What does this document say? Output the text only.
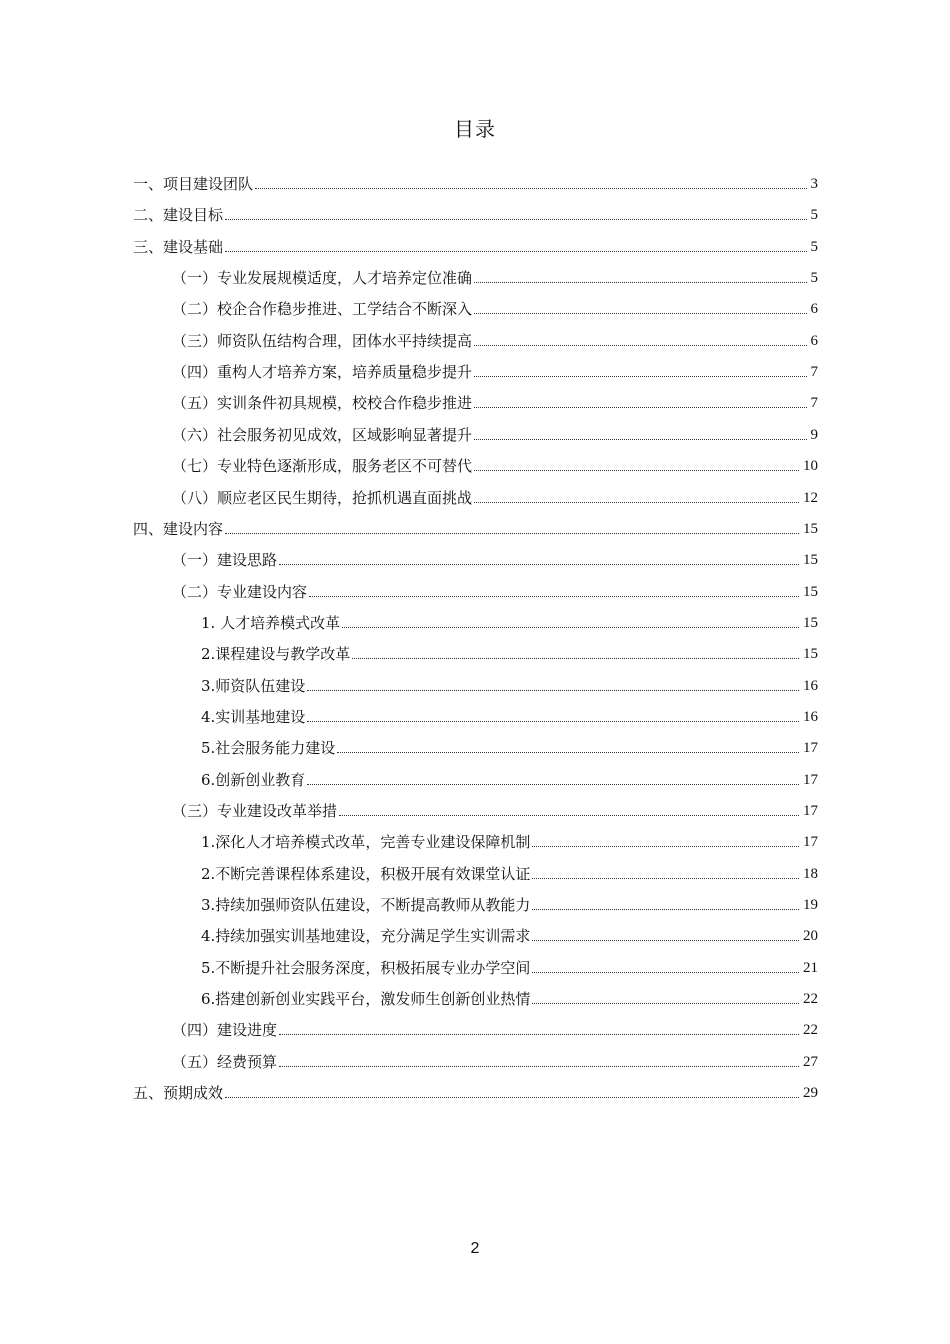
目录
一、项目建设团队	3
二、建设目标	5
三、建设基础	5
（一）专业发展规模适度，人才培养定位准确	5
（二）校企合作稳步推进、工学结合不断深入	6
（三）师资队伍结构合理，团体水平持续提高	6
（四）重构人才培养方案，培养质量稳步提升	7
（五）实训条件初具规模，校校合作稳步推进	7
（六）社会服务初见成效，区域影响显著提升	9
（七）专业特色逐渐形成，服务老区不可替代	10
（八）顺应老区民生期待，抢抓机遇直面挑战	12
四、建设内容	15
（一）建设思路	15
（二）专业建设内容	15
1. 人才培养模式改革	15
2.课程建设与教学改革	15
3.师资队伍建设	16
4.实训基地建设	16
5.社会服务能力建设	17
6.创新创业教育	17
（三）专业建设改革举措	17
1.深化人才培养模式改革，完善专业建设保障机制	17
2.不断完善课程体系建设，积极开展有效课堂认证	18
3.持续加强师资队伍建设，不断提高教师从教能力	19
4.持续加强实训基地建设，充分满足学生实训需求	20
5.不断提升社会服务深度，积极拓展专业办学空间	21
6.搭建创新创业实践平台，激发师生创新创业热情	22
（四）建设进度	22
（五）经费预算	27
五、预期成效	29
2
